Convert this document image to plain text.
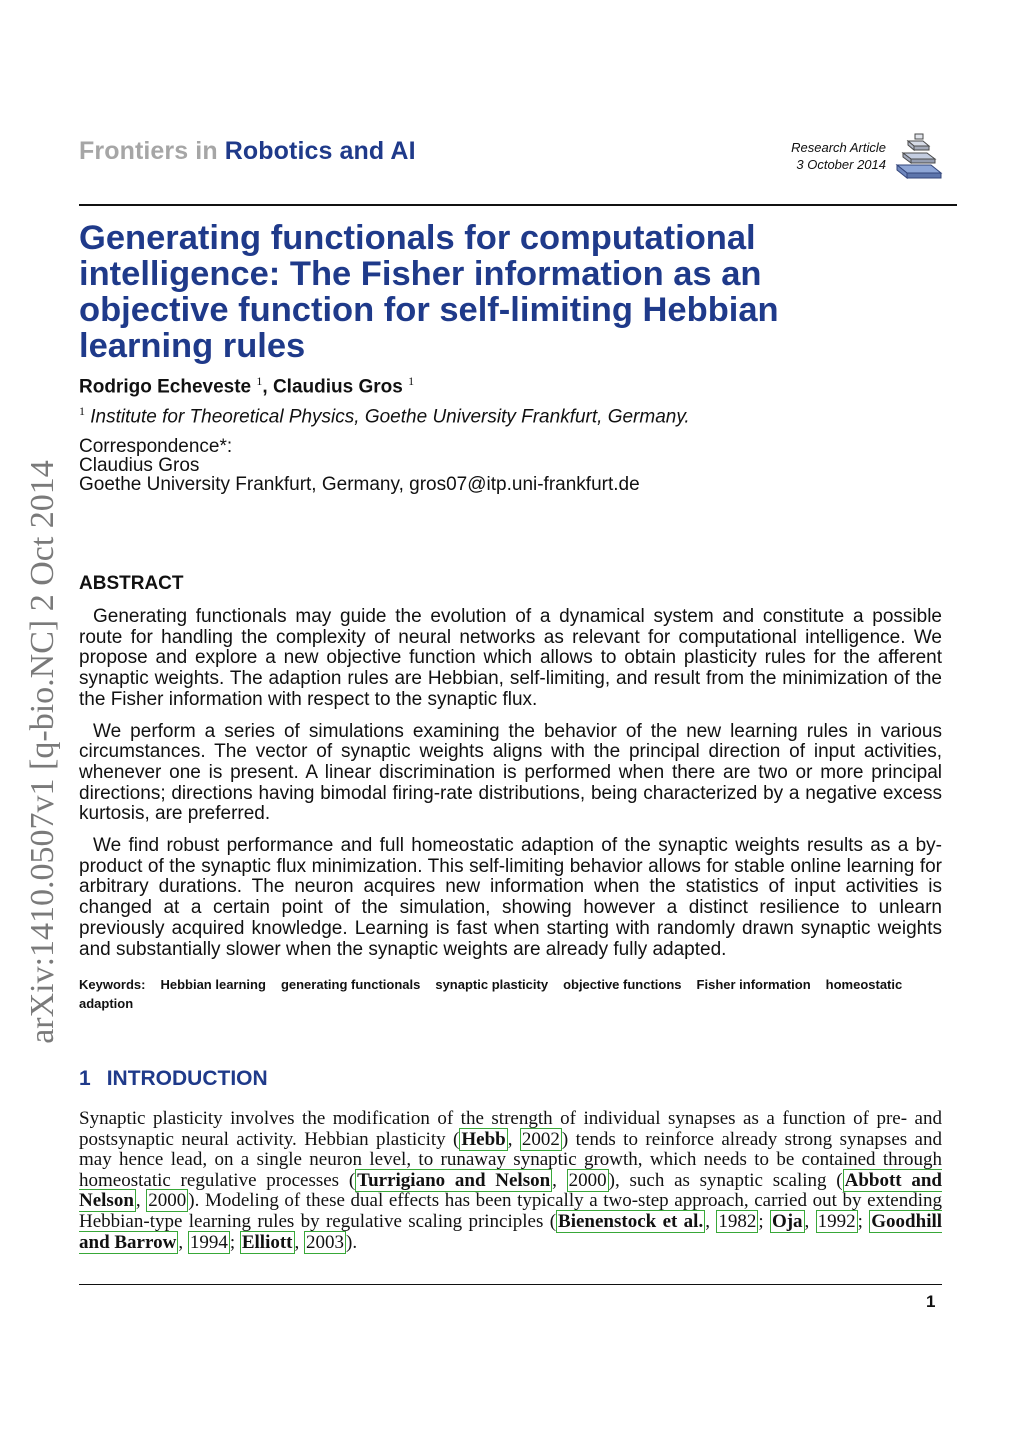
Frontiers in Robotics and AI	Research Article
3 October 2014
Generating functionals for computational intelligence: The Fisher information as an objective function for self-limiting Hebbian learning rules
Rodrigo Echeveste $^1$, Claudius Gros $^1$
$^1$ Institute for Theoretical Physics, Goethe University Frankfurt, Germany.
Correspondence*:
Claudius Gros
Goethe University Frankfurt, Germany, gros07@itp.uni-frankfurt.de
arXiv:1410.0507v1 [q-bio.NC] 2 Oct 2014 ABSTRACT

Generating functionals may guide the evolution of a dynamical system and constitute a possible route for handling the complexity of neural networks as relevant for computational intelligence. We propose and explore a new objective function which allows to obtain plasticity rules for the afferent synaptic weights. The adaption rules are Hebbian, self-limiting, and result from the minimization of the the Fisher information with respect to the synaptic flux.

We perform a series of simulations examining the behavior of the new learning rules in various circumstances. The vector of synaptic weights aligns with the principal direction of input activities, whenever one is present. A linear discrimination is performed when there are two or more principal directions; directions having bimodal firing-rate distributions, being characterized by a negative excess kurtosis, are preferred.

We find robust performance and full homeostatic adaption of the synaptic weights results as a by-product of the synaptic flux minimization. This self-limiting behavior allows for stable online learning for arbitrary durations. The neuron acquires new information when the statistics of input activities is changed at a certain point of the simulation, showing however a distinct resilience to unlearn previously acquired knowledge. Learning is fast when starting with randomly drawn synaptic weights and substantially slower when the synaptic weights are already fully adapted.

Keywords: Hebbian learning generating functionals synaptic plasticity objective functions Fisher information homeostatic adaption
1 INTRODUCTION

Synaptic plasticity involves the modification of the strength of individual synapses as a function of pre- and postsynaptic neural activity. Hebbian plasticity ( Hebb , 2002 ) tends to reinforce already strong synapses and may hence lead, on a single neuron level, to runaway synaptic growth, which needs to be contained through homeostatic regulative processes ( Turrigiano and Nelson , 2000 ), such as synaptic scaling ( Abbott and Nelson , 2000 ). Modeling of these dual effects has been typically a two-step approach, carried out by extending Hebbian-type learning rules by regulative scaling principles ( Bienenstock et al. , 1982 ; Oja , 1992 ; Goodhill and Barrow , 1994 ; Elliott , 2003 ).

1
